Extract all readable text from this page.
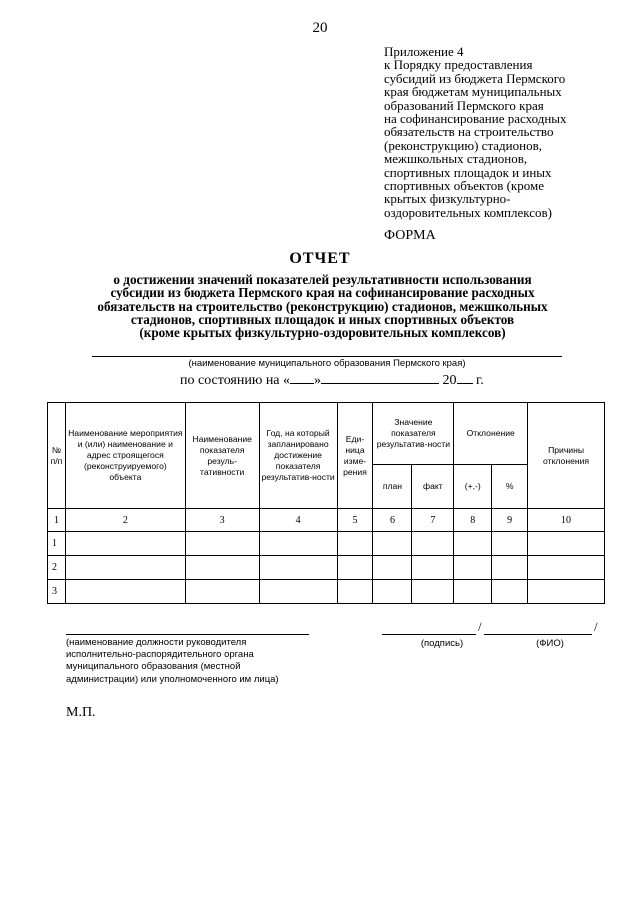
20
Приложение 4
к Порядку предоставления
субсидий из бюджета Пермского
края бюджетам муниципальных
образований Пермского края
на софинансирование расходных
обязательств на строительство
(реконструкцию) стадионов,
межшкольных стадионов,
спортивных площадок и иных
спортивных объектов (кроме
крытых физкультурно-
оздоровительных комплексов)
ФОРМА
ОТЧЕТ
о достижении значений показателей результативности использования
субсидии из бюджета Пермского края на софинансирование расходных
обязательств на строительство (реконструкцию) стадионов, межшкольных
стадионов, спортивных площадок и иных спортивных объектов
(кроме крытых физкультурно-оздоровительных комплексов)
(наименование муниципального образования Пермского края)
по состоянию на « »	20 г.
№ п/п	Наименование мероприятия и (или) наименование и адрес строящегося (реконструируемого) объекта	Наименование показателя резуль-тативности	Год, на который запланировано достижение показателя результатив-ности	Еди-ница изме-рения	Значение показателя результатив-ности		Отклонение		Причины отклонения
					план	факт	(+,-)	%	
1	2	3	4	5	6	7	8	9	10
1									
2									
3									
(наименование должности руководителя
исполнительно-распорядительного органа
муниципального образования (местной
администрации) или уполномоченного им лица)
/	/
(подпись)	(ФИО)
М.П.
